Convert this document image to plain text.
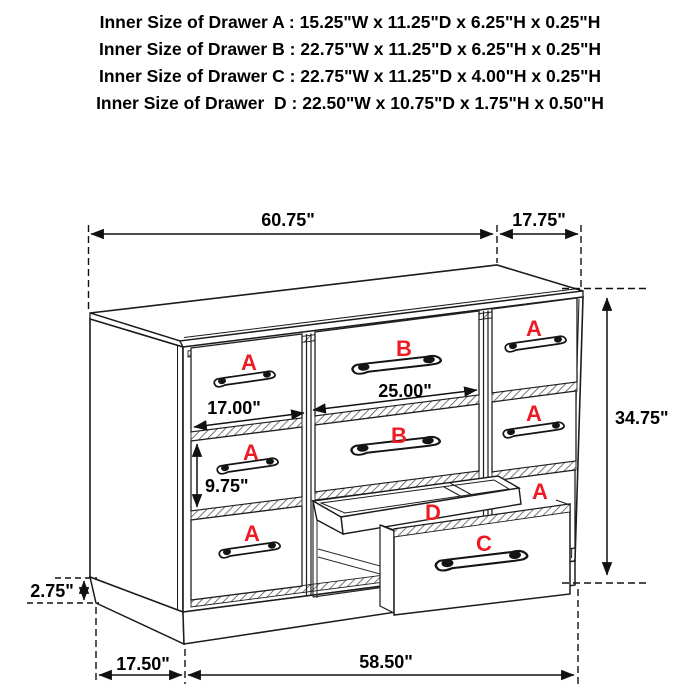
Inner Size of Drawer A : 15.25"W x 11.25"D x 6.25"H x 0.25"H
Inner Size of Drawer B : 22.75"W x 11.25"D x 6.25"H x 0.25"H
Inner Size of Drawer C : 22.75"W x 11.25"D x 4.00"H x 0.25"H
Inner Size of Drawer  D : 22.50"W x 10.75"D x 1.75"H x 0.50"H
A
A
A
A
A
A
B
B
C
D
60.75"	17.75"
34.75"
25.00"
17.00"
9.75"
2.75"
17.50"	58.50"
